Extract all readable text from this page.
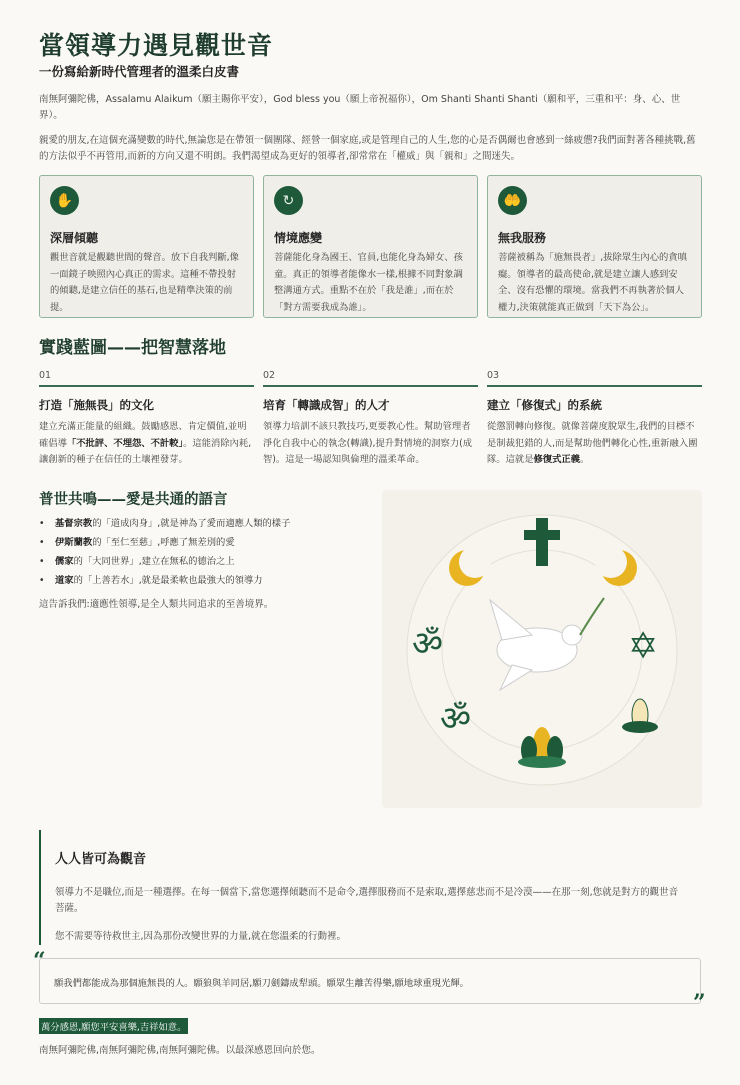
當領導力遇見觀世音
一份寫給新時代管理者的溫柔白皮書
南無阿彌陀佛，Assalamu Alaikum（願主賜你平安），God bless you（願上帝祝福你），Om Shanti Shanti Shanti（願和平，三重和平：身、心、世界）。
親愛的朋友,在這個充滿變數的時代,無論您是在帶領一個團隊、經營一個家庭,或是管理自己的人生,您的心是否偶爾也會感到一絲疲憊?我們面對著各種挑戰,舊的方法似乎不再管用,而新的方向又還不明朗。我們渴望成為更好的領導者,卻常常在「權威」與「親和」之間迷失。
✋
深層傾聽
觀世音就是觀聽世間的聲音。放下自我判斷,像一面鏡子映照內心真正的需求。這種不帶投射的傾聽,是建立信任的基石,也是精準決策的前提。
↻
情境應變
菩薩能化身為國王、官員,也能化身為婦女、孩童。真正的領導者能像水一樣,根據不同對象調整溝通方式。重點不在於「我是誰」,而在於「對方需要我成為誰」。
🤲
無我服務
菩薩被稱為「施無畏者」,拔除眾生內心的貪嗔癡。領導者的最高使命,就是建立讓人感到安全、沒有恐懼的環境。當我們不再執著於個人權力,決策就能真正做到「天下為公」。
實踐藍圖——把智慧落地
01
打造「施無畏」的文化
建立充滿正能量的組織。鼓勵感恩、肯定價值,並明確倡導「不批評、不埋怨、不計較」。這能消除內耗,讓創新的種子在信任的土壤裡發芽。
02
培育「轉識成智」的人才
領導力培訓不該只教技巧,更要教心性。幫助管理者淨化自我中心的執念(轉識),提升對情境的洞察力(成智)。這是一場認知與倫理的溫柔革命。
03
建立「修復式」的系統
從懲罰轉向修復。就像菩薩度脫眾生,我們的目標不是制裁犯錯的人,而是幫助他們轉化心性,重新融入團隊。這就是修復式正義。
普世共鳴——愛是共通的語言
• 基督宗教的「道成肉身」,就是神為了愛而適應人類的樣子
• 伊斯蘭教的「至仁至慈」,呼應了無差別的愛
• 儒家的「大同世界」,建立在無私的德治之上
• 道家的「上善若水」,就是最柔軟也最強大的領導力
這告訴我們:適應性領導,是全人類共同追求的至善境界。
★
ॐ
ॐ
✡
人人皆可為觀音
領導力不是職位,而是一種選擇。在每一個當下,當您選擇傾聽而不是命令,選擇服務而不是索取,選擇慈悲而不是冷漠——在那一刻,您就是對方的觀世音菩薩。
您不需要等待救世主,因為那份改變世界的力量,就在您溫柔的行動裡。
願我們都能成為那個施無畏的人。願狼與羊同居,願刀劍鑄成犁頭。願眾生離苦得樂,願地球重現光輝。
“
”
萬分感恩,願您平安喜樂,吉祥如意。
南無阿彌陀佛,南無阿彌陀佛,南無阿彌陀佛。以最深感恩回向於您。
